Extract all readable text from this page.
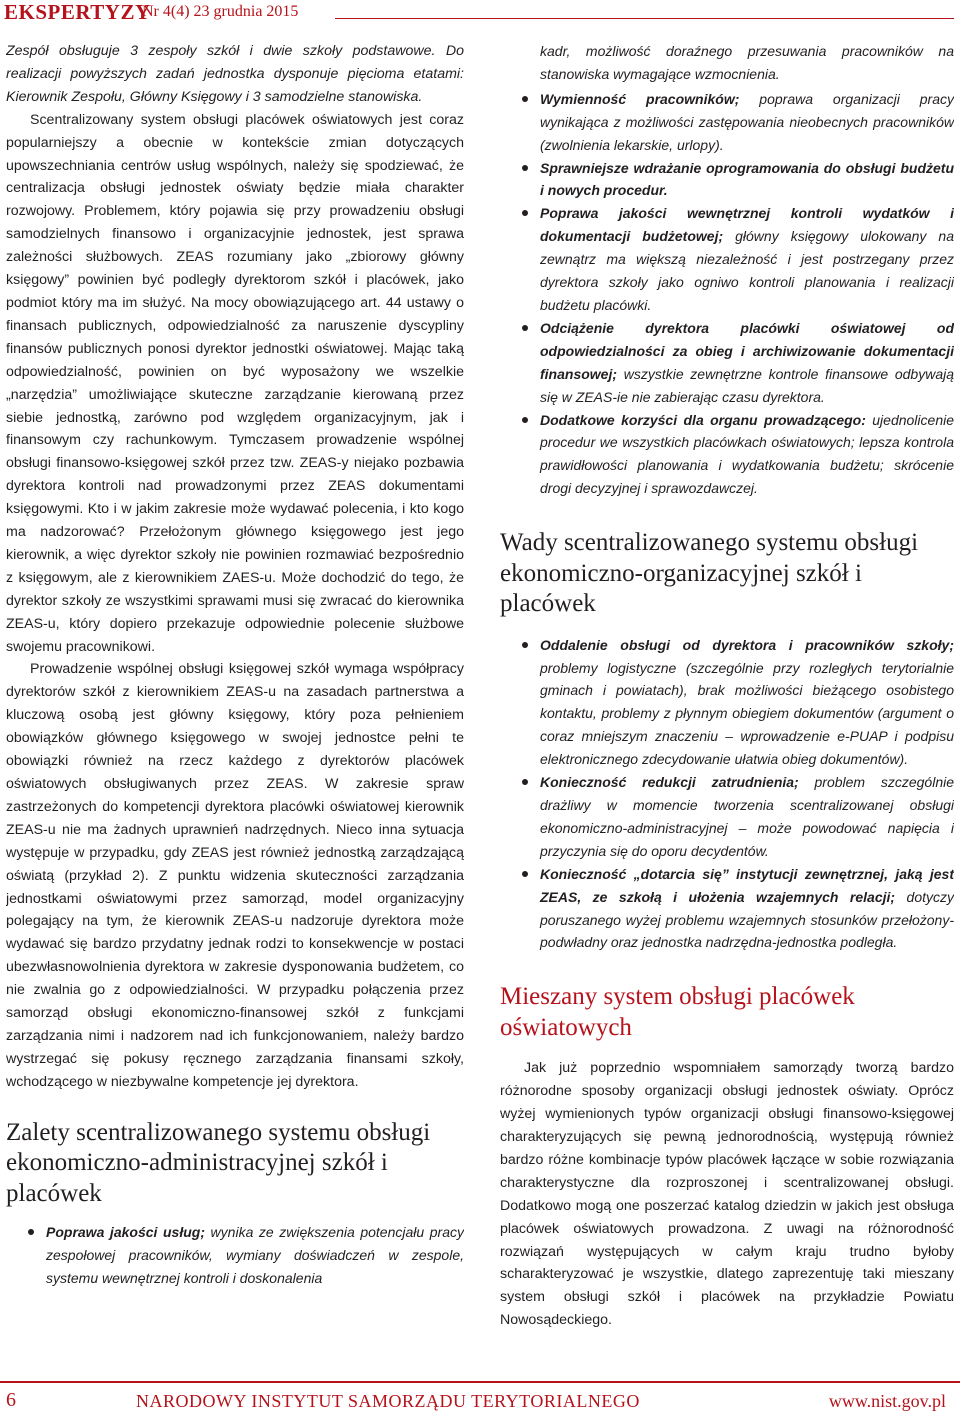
EKSPERTYZY
Nr 4(4) 23 grudnia 2015

Zespół obsługuje 3 zespoły szkół i dwie szkoły podstawowe. Do realizacji powyższych zadań jednostka dysponuje pięcioma etatami: Kierownik Zespołu, Główny Księgowy i 3 samodzielne stanowiska.

Scentralizowany system obsługi placówek oświatowych jest coraz popularniejszy a obecnie w kontekście zmian dotyczących upowszechniania centrów usług wspólnych, należy się spodziewać, że centralizacja obsługi jednostek oświaty będzie miała charakter rozwojowy. Problemem, który pojawia się przy prowadzeniu obsługi samodzielnych finansowo i organizacyjnie jednostek, jest sprawa zależności służbowych. ZEAS rozumiany jako „zbiorowy główny księgowy” powinien być podległy dyrektorom szkół i placówek, jako podmiot który ma im służyć. Na mocy obowiązującego art. 44 ustawy o finansach publicznych, odpowiedzialność za naruszenie dyscypliny finansów publicznych ponosi dyrektor jednostki oświatowej. Mając taką odpowiedzialność, powinien on być wyposażony we wszelkie „narzędzia” umożliwiające skuteczne zarządzanie kierowaną przez siebie jednostką, zarówno pod względem organizacyjnym, jak i finansowym czy rachunkowym. Tymczasem prowadzenie wspólnej obsługi finansowo-księgowej szkół przez tzw. ZEAS-y niejako pozbawia dyrektora kontroli nad prowadzonymi przez ZEAS dokumentami księgowymi. Kto i w jakim zakresie może wydawać polecenia, i kto kogo ma nadzorować? Przełożonym głównego księgowego jest jego kierownik, a więc dyrektor szkoły nie powinien rozmawiać bezpośrednio z księgowym, ale z kierownikiem ZAES-u. Może dochodzić do tego, że dyrektor szkoły ze wszystkimi sprawami musi się zwracać do kierownika ZEAS-u, który dopiero przekazuje odpowiednie polecenie służbowe swojemu pracownikowi.

Prowadzenie wspólnej obsługi księgowej szkół wymaga współpracy dyrektorów szkół z kierownikiem ZEAS-u na zasadach partnerstwa a kluczową osobą jest główny księgowy, który poza pełnieniem obowiązków głównego księgowego w swojej jednostce pełni te obowiązki również na rzecz każdego z dyrektorów placówek oświatowych obsługiwanych przez ZEAS. W zakresie spraw zastrzeżonych do kompetencji dyrektora placówki oświatowej kierownik ZEAS-u nie ma żadnych uprawnień nadrzędnych. Nieco inna sytuacja występuje w przypadku, gdy ZEAS jest również jednostką zarządzającą oświatą (przykład 2). Z punktu widzenia skuteczności zarządzania jednostkami oświatowymi przez samorząd, model organizacyjny polegający na tym, że kierownik ZEAS-u nadzoruje dyrektora może wydawać się bardzo przydatny jednak rodzi to konsekwencje w postaci ubezwłasnowolnienia dyrektora w zakresie dysponowania budżetem, co nie zwalnia go z odpowiedzialności. W przypadku połączenia przez samorząd obsługi ekonomiczno-finansowej szkół z funkcjami zarządzania nimi i nadzorem nad ich funkcjonowaniem, należy bardzo wystrzegać się pokusy ręcznego zarządzania finansami szkoły, wchodzącego w niezbywalne kompetencje jej dyrektora.

Zalety scentralizowanego systemu obsługi ekonomiczno-administracyjnej szkół i placówek
Poprawa jakości usług; wynika ze zwiększenia potencjału pracy zespołowej pracowników, wymiany doświadczeń w zespole, systemu wewnętrznej kontroli i doskonalenia
kadr, możliwość doraźnego przesuwania pracowników na stanowiska wymagające wzmocnienia.
Wymienność pracowników; poprawa organizacji pracy wynikająca z możliwości zastępowania nieobecnych pracowników (zwolnienia lekarskie, urlopy).
Sprawniejsze wdrażanie oprogramowania do obsługi budżetu i nowych procedur.
Poprawa jakości wewnętrznej kontroli wydatków i dokumentacji budżetowej; główny księgowy ulokowany na zewnątrz ma większą niezależność i jest postrzegany przez dyrektora szkoły jako ogniwo kontroli planowania i realizacji budżetu placówki.
Odciążenie dyrektora placówki oświatowej od odpowiedzialności za obieg i archiwizowanie dokumentacji finansowej; wszystkie zewnętrzne kontrole finansowe odbywają się w ZEAS-ie nie zabierając czasu dyrektora.
Dodatkowe korzyści dla organu prowadzącego: ujednolicenie procedur we wszystkich placówkach oświatowych; lepsza kontrola prawidłowości planowania i wydatkowania budżetu; skrócenie drogi decyzyjnej i sprawozdawczej.
Wady scentralizowanego systemu obsługi ekonomiczno-organizacyjnej szkół i placówek
Oddalenie obsługi od dyrektora i pracowników szkoły; problemy logistyczne (szczególnie przy rozległych terytorialnie gminach i powiatach), brak możliwości bieżącego osobistego kontaktu, problemy z płynnym obiegiem dokumentów (argument o coraz mniejszym znaczeniu – wprowadzenie e-PUAP i podpisu elektronicznego zdecydowanie ułatwia obieg dokumentów).
Konieczność redukcji zatrudnienia; problem szczególnie drażliwy w momencie tworzenia scentralizowanej obsługi ekonomiczno-administracyjnej – może powodować napięcia i przyczynia się do oporu decydentów.
Konieczność „dotarcia się” instytucji zewnętrznej, jaką jest ZEAS, ze szkołą i ułożenia wzajemnych relacji; dotyczy poruszanego wyżej problemu wzajemnych stosunków przełożony-podwładny oraz jednostka nadrzędna-jednostka podległa.
Mieszany system obsługi placówek oświatowych

Jak już poprzednio wspomniałem samorządy tworzą bardzo różnorodne sposoby organizacji obsługi jednostek oświaty. Oprócz wyżej wymienionych typów organizacji obsługi finansowo-księgowej charakteryzujących się pewną jednorodnością, występują również bardzo różne kombinacje typów placówek łączące w sobie rozwiązania charakterystyczne dla rozproszonej i scentralizowanej obsługi. Dodatkowo mogą one poszerzać katalog dziedzin w jakich jest obsługa placówek oświatowych prowadzona. Z uwagi na różnorodność rozwiązań występujących w całym kraju trudno byłoby scharakteryzować je wszystkie, dlatego zaprezentuję taki mieszany system obsługi szkół i placówek na przykładzie Powiatu Nowosądeckiego.

6	NARODOWY INSTYTUT SAMORZĄDU TERYTORIALNEGO	www.nist.gov.pl
